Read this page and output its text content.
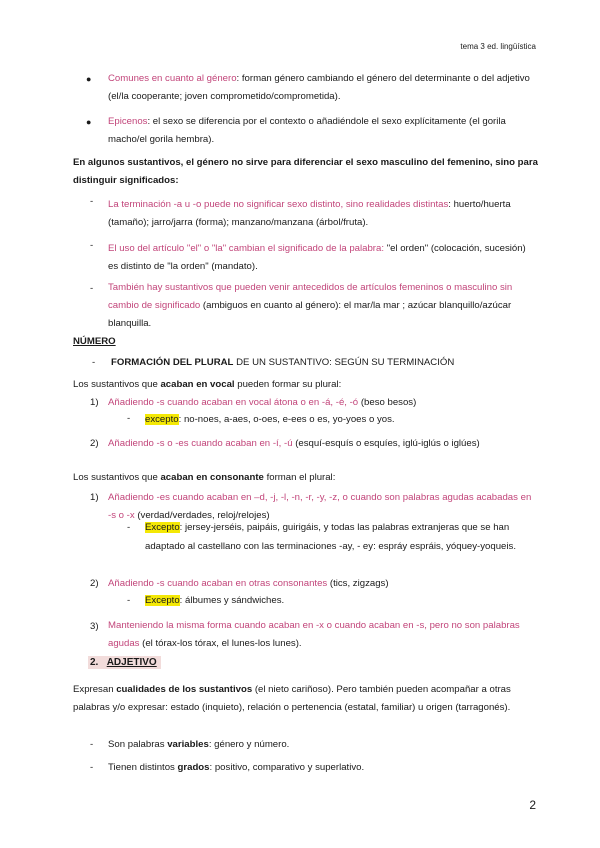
tema 3 ed. lingüística
● Comunes en cuanto al género: forman género cambiando el género del determinante o del adjetivo (el/la cooperante; joven comprometido/comprometida).

● Epicenos: el sexo se diferencia por el contexto o añadiéndole el sexo explícitamente (el gorila macho/el gorila hembra).

En algunos sustantivos, el género no sirve para diferenciar el sexo masculino del femenino, sino para distinguir significados:

- La terminación -a u -o puede no significar sexo distinto, sino realidades distintas: huerto/huerta (tamaño); jarro/jarra (forma); manzano/manzana (árbol/fruta).

- El uso del artículo "el" o "la" cambian el significado de la palabra: "el orden" (colocación, sucesión) es distinto de "la orden" (mandato).

- También hay sustantivos que pueden venir antecedidos de artículos femeninos o masculino sin cambio de significado (ambiguos en cuanto al género): el mar/la mar ; azúcar blanquillo/azúcar blanquilla.

NÚMERO
- FORMACIÓN DEL PLURAL DE UN SUSTANTIVO: SEGÚN SU TERMINACIÓN

Los sustantivos que acaban en vocal pueden formar su plural:

1) Añadiendo -s cuando acaban en vocal átona o en -á, -é, -ó (beso besos)

- excepto: no-noes, a-aes, o-oes, e-ees o es, yo-yoes o yos.

2) Añadiendo -s o -es cuando acaban en -í, -ú (esquí-esquís o esquíes, iglú-iglús o iglúes)

Los sustantivos que acaban en consonante forman el plural:

1) Añadiendo -es cuando acaban en –d, -j, -l, -n, -r, -y, -z, o cuando son palabras agudas acabadas en -s o -x (verdad/verdades, reloj/relojes)

- Excepto: jersey-jerséis, paipáis, guirigáis, y todas las palabras extranjeras que se han adaptado al castellano con las terminaciones -ay, - ey: espráy espráis, yóquey-yoqueis.

2) Añadiendo -s cuando acaban en otras consonantes (tics, zigzags)

- Excepto: álbumes y sándwiches.

3) Manteniendo la misma forma cuando acaban en -x o cuando acaban en -s, pero no son palabras agudas (el tórax-los tórax, el lunes-los lunes).

2. ADJETIVO

Expresan cualidades de los sustantivos (el nieto cariñoso). Pero también pueden acompañar a otras palabras y/o expresar: estado (inquieto), relación o pertenencia (estatal, familiar) u origen (tarragonés).

- Son palabras variables: género y número.

- Tienen distintos grados: positivo, comparativo y superlativo.

2
